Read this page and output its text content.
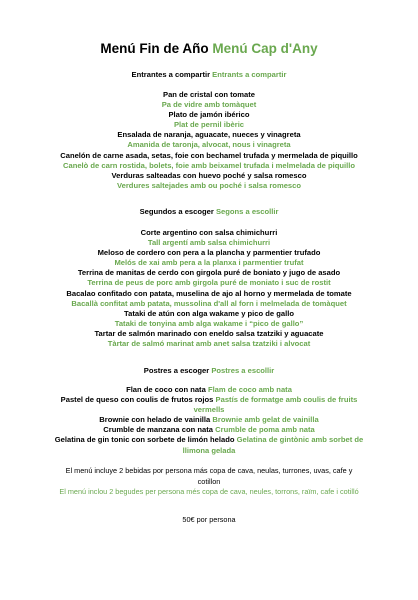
Menú Fin de Año Menú Cap d'Any
Entrantes a compartir Entrants a compartir
Pan de cristal con tomate
Pa de vidre amb tomàquet
Plato de jamón ibérico
Plat de pernil ibèric
Ensalada de naranja, aguacate, nueces y vinagreta
Amanida de taronja, alvocat, nous i vinagreta
Canelón de carne asada, setas, foie con bechamel trufada y mermelada de piquillo
Canelò de carn rostida, bolets, foie amb beixamel trufada i melmelada de piquillo
Verduras salteadas con huevo poché y salsa romesco
Verdures saltejades amb ou poché i salsa romesco
Segundos a escoger Segons a escollir
Corte argentino con salsa chimichurri
Tall argentí amb salsa chimichurri
Meloso de cordero con pera a la plancha y parmentier trufado
Melós de xai amb pera a la planxa i parmentier trufat
Terrina de manitas de cerdo con girgola puré de boniato y jugo de asado
Terrina de peus de porc amb girgola puré de moniato i suc de rostit
Bacalao confitado con patata, muselina de ajo al horno y mermelada de tomate
Bacallà confitat amb patata, mussolina d'all al forn i melmelada de tomàquet
Tataki de atún con alga wakame y pico de gallo
Tataki de tonyina amb alga wakame i “pico de gallo”
Tartar de salmón marinado con eneldo salsa tzatziki y aguacate
Tàrtar de salmó marinat amb anet salsa tzatziki i alvocat
Postres a escoger Postres a escollir
Flan de coco con nata Flam de coco amb nata
Pastel de queso con coulis de frutos rojos Pastís de formatge amb coulis de fruits
vermells
Brownie con helado de vainilla Brownie amb gelat de vainilla
Crumble de manzana con nata Crumble de poma amb nata
Gelatina de gin tonic con sorbete de limón helado Gelatina de gintònic amb sorbet de
llimona gelada
El menú incluye 2 bebidas por persona más copa de cava, neulas, turrones, uvas, cafe y
cotillon
El menú inclou 2 begudes per persona més copa de cava, neules, torrons, raïm, cafe i cotilló
50€ por persona
